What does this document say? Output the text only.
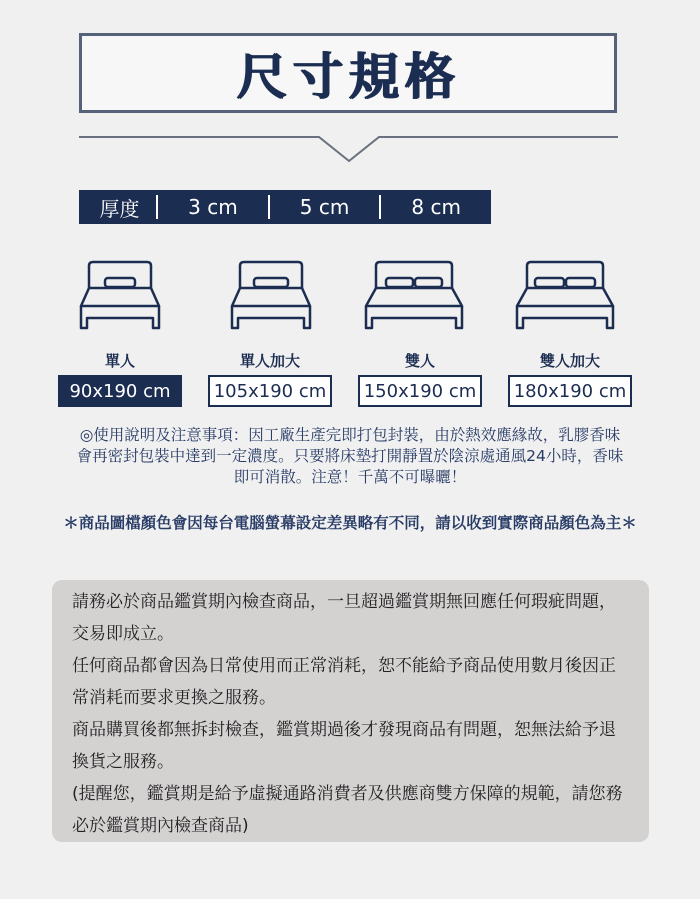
尺寸規格
厚度	3 cm	5 cm	8 cm
單人	單人加大	雙人	雙人加大
90x190 cm	105x190 cm	150x190 cm	180x190 cm
◎使用說明及注意事項：因工廠生產完即打包封裝，由於熱效應緣故，乳膠香味
會再密封包裝中達到一定濃度。只要將床墊打開靜置於陰涼處通風24小時，香味
即可消散。注意！千萬不可曝曬！
＊商品圖檔顏色會因每台電腦螢幕設定差異略有不同，請以收到實際商品顏色為主＊

請務必於商品鑑賞期內檢查商品，一旦超過鑑賞期無回應任何瑕疵問題，交易即成立。

任何商品都會因為日常使用而正常消耗，恕不能給予商品使用數月後因正常消耗而要求更換之服務。

商品購買後都無拆封檢查，鑑賞期過後才發現商品有問題，恕無法給予退換貨之服務。

(提醒您，鑑賞期是給予虛擬通路消費者及供應商雙方保障的規範，請您務必於鑑賞期內檢查商品)
